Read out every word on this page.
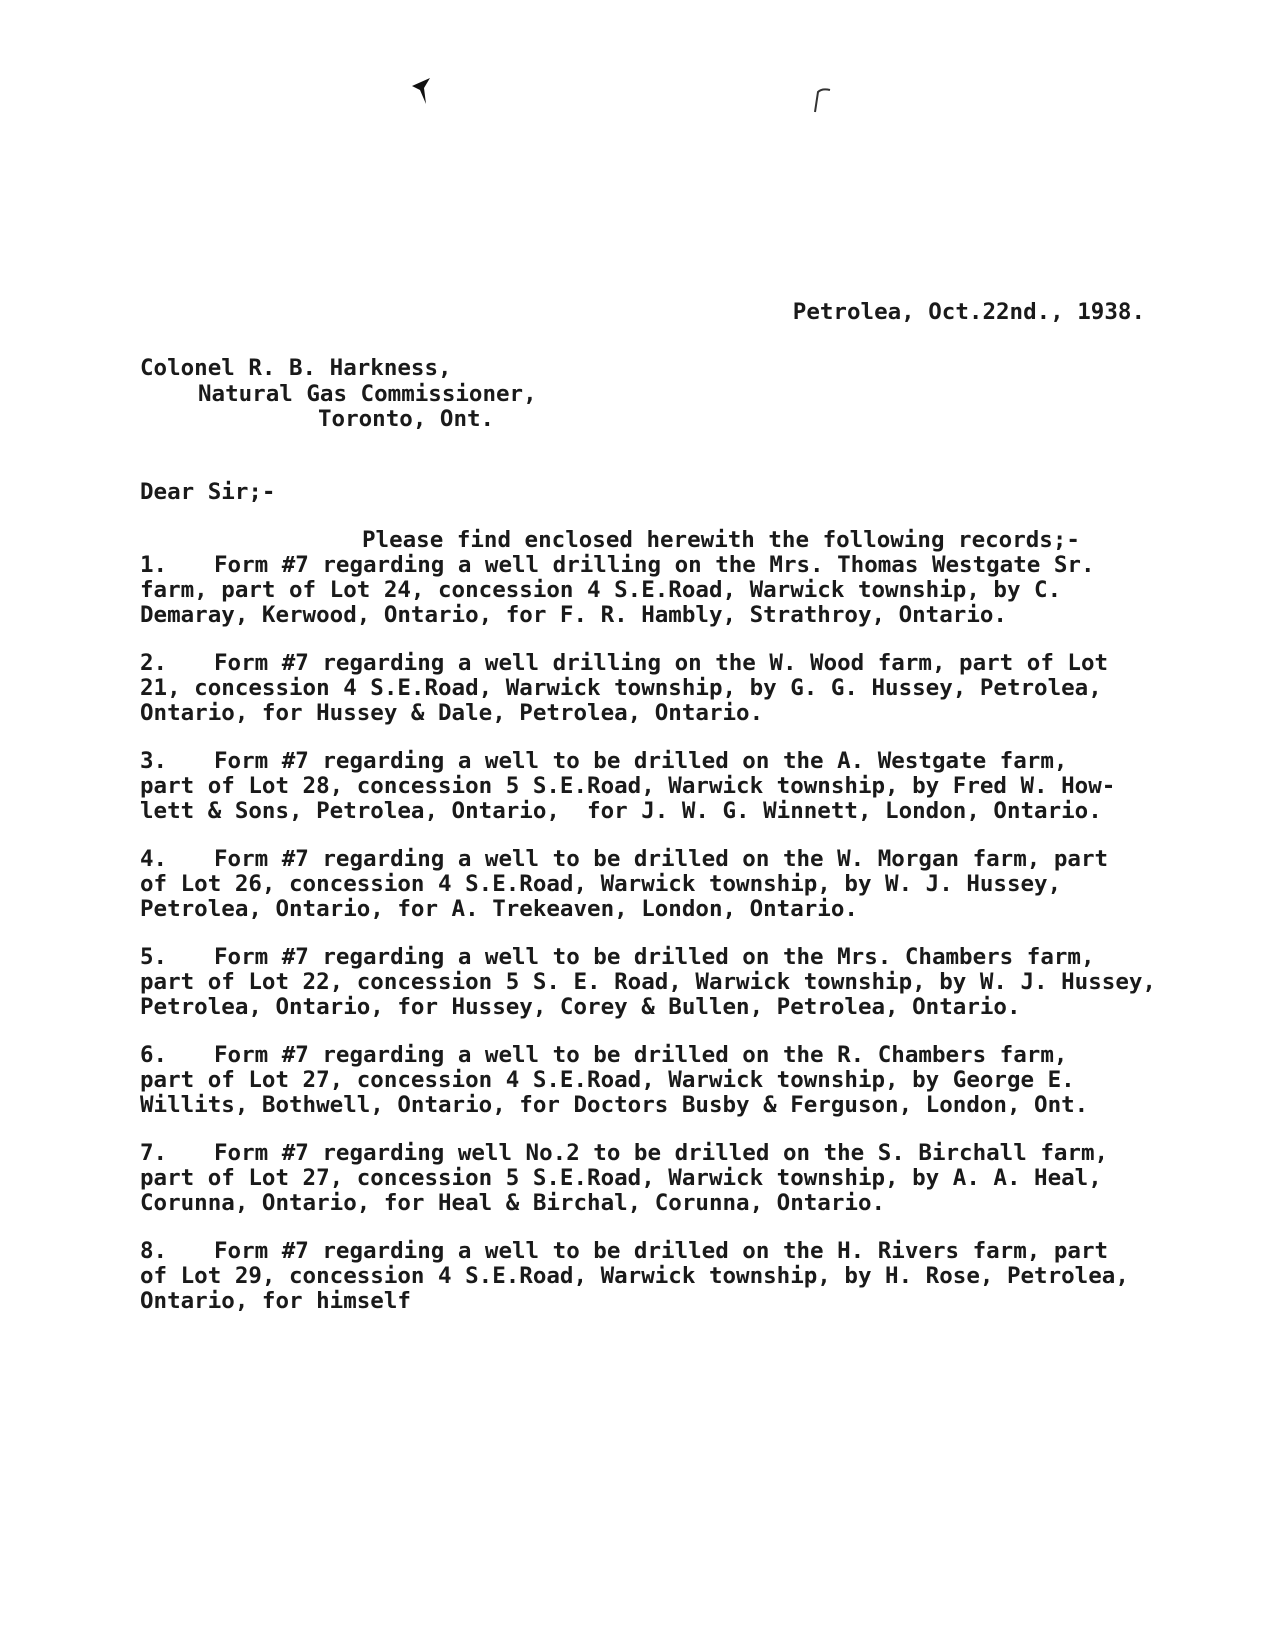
Petrolea, Oct.22nd., 1938.
Colonel R. B. Harkness,
Natural Gas Commissioner,
Toronto, Ont.
Dear Sir;-
Please find enclosed herewith the following records;-
1. Form #7 regarding a well drilling on the Mrs. Thomas Westgate Sr.
farm, part of Lot 24, concession 4 S.E.Road, Warwick township, by C.
Demaray, Kerwood, Ontario, for F. R. Hambly, Strathroy, Ontario.
2. Form #7 regarding a well drilling on the W. Wood farm, part of Lot
21, concession 4 S.E.Road, Warwick township, by G. G. Hussey, Petrolea,
Ontario, for Hussey & Dale, Petrolea, Ontario.
3. Form #7 regarding a well to be drilled on the A. Westgate farm,
part of Lot 28, concession 5 S.E.Road, Warwick township, by Fred W. How-
lett & Sons, Petrolea, Ontario,  for J. W. G. Winnett, London, Ontario.
4. Form #7 regarding a well to be drilled on the W. Morgan farm, part
of Lot 26, concession 4 S.E.Road, Warwick township, by W. J. Hussey,
Petrolea, Ontario, for A. Trekeaven, London, Ontario.
5. Form #7 regarding a well to be drilled on the Mrs. Chambers farm,
part of Lot 22, concession 5 S. E. Road, Warwick township, by W. J. Hussey,
Petrolea, Ontario, for Hussey, Corey & Bullen, Petrolea, Ontario.
6. Form #7 regarding a well to be drilled on the R. Chambers farm,
part of Lot 27, concession 4 S.E.Road, Warwick township, by George E.
Willits, Bothwell, Ontario, for Doctors Busby & Ferguson, London, Ont.
7. Form #7 regarding well No.2 to be drilled on the S. Birchall farm,
part of Lot 27, concession 5 S.E.Road, Warwick township, by A. A. Heal,
Corunna, Ontario, for Heal & Birchal, Corunna, Ontario.
8. Form #7 regarding a well to be drilled on the H. Rivers farm, part
of Lot 29, concession 4 S.E.Road, Warwick township, by H. Rose, Petrolea,
Ontario, for himself
